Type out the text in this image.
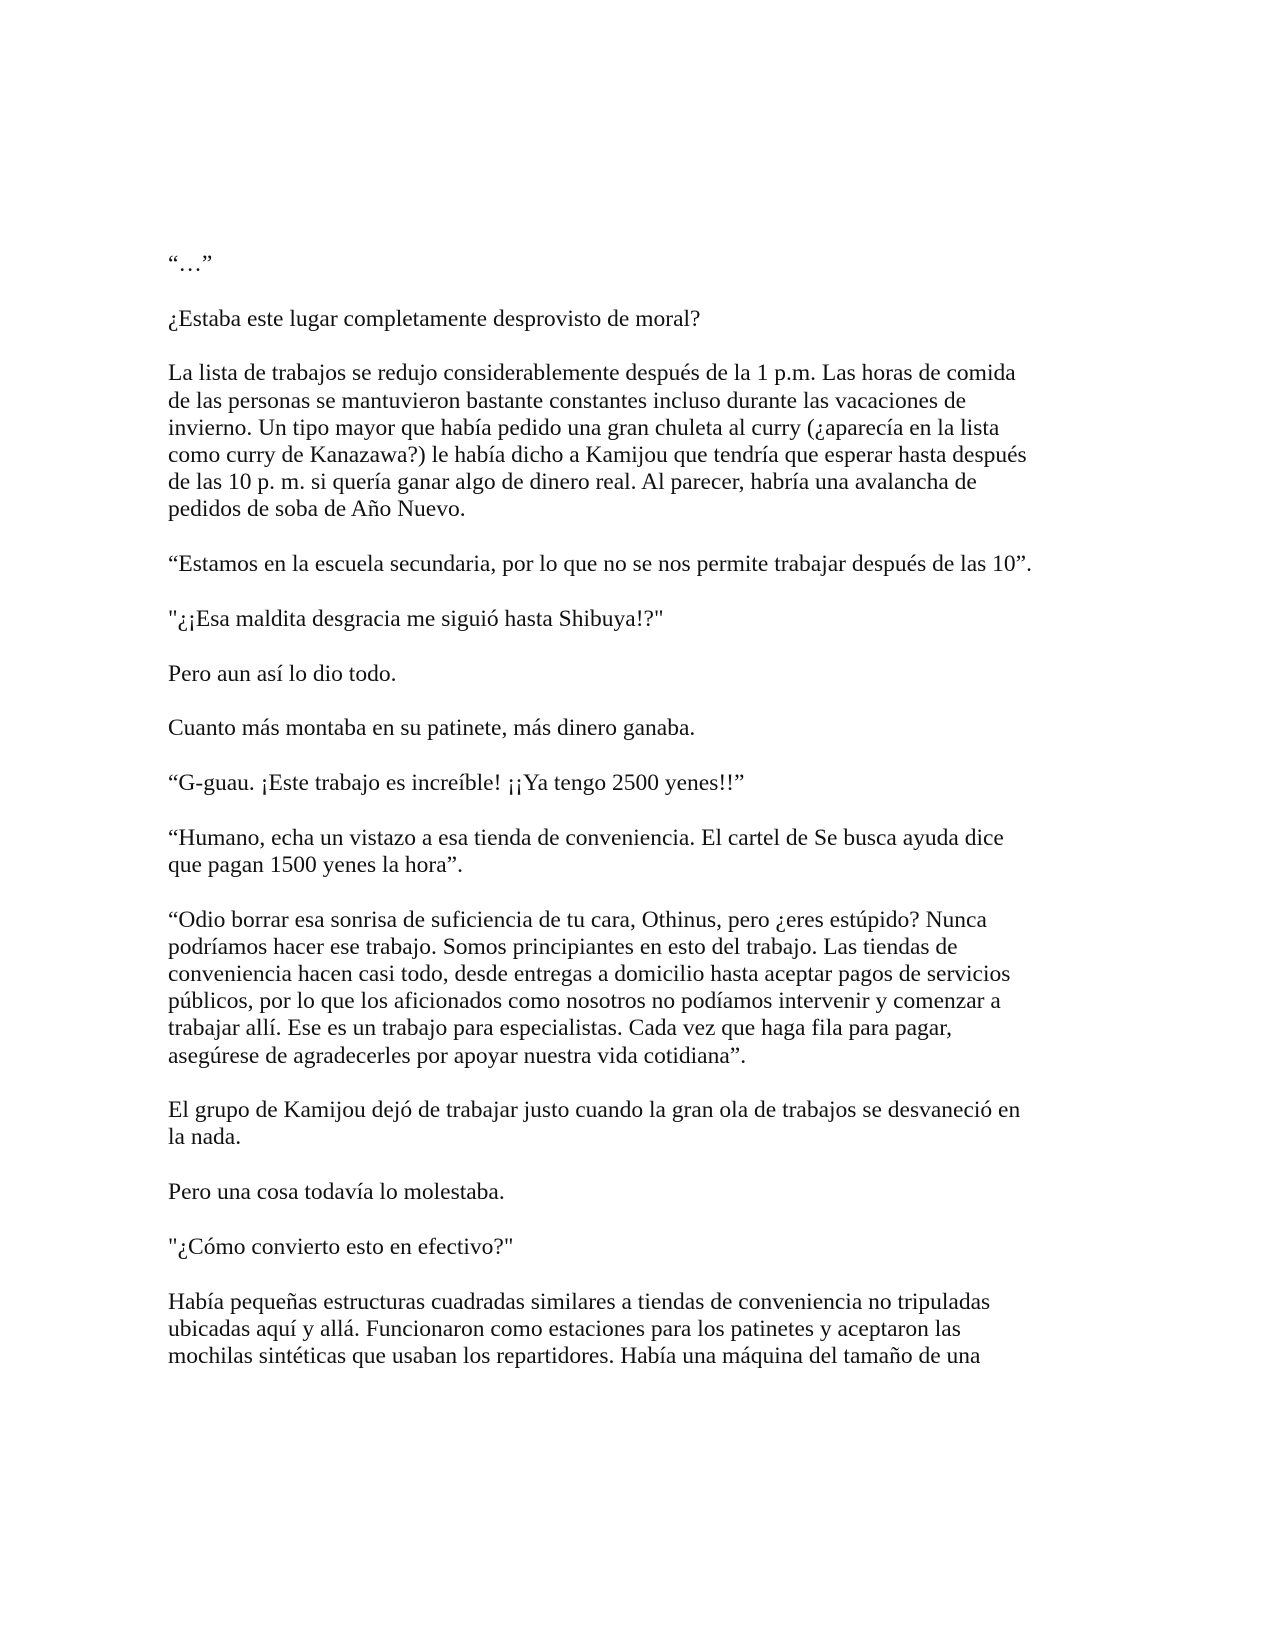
“…”

¿Estaba este lugar completamente desprovisto de moral?

La lista de trabajos se redujo considerablemente después de la 1 p.m. Las horas de comida
de las personas se mantuvieron bastante constantes incluso durante las vacaciones de
invierno. Un tipo mayor que había pedido una gran chuleta al curry (¿aparecía en la lista
como curry de Kanazawa?) le había dicho a Kamijou que tendría que esperar hasta después
de las 10 p. m. si quería ganar algo de dinero real. Al parecer, habría una avalancha de
pedidos de soba de Año Nuevo.

“Estamos en la escuela secundaria, por lo que no se nos permite trabajar después de las 10”.

"¿¡Esa maldita desgracia me siguió hasta Shibuya!?"

Pero aun así lo dio todo.

Cuanto más montaba en su patinete, más dinero ganaba.

“G-guau. ¡Este trabajo es increíble! ¡¡Ya tengo 2500 yenes!!”

“Humano, echa un vistazo a esa tienda de conveniencia. El cartel de Se busca ayuda dice
que pagan 1500 yenes la hora”.

“Odio borrar esa sonrisa de suficiencia de tu cara, Othinus, pero ¿eres estúpido? Nunca
podríamos hacer ese trabajo. Somos principiantes en esto del trabajo. Las tiendas de
conveniencia hacen casi todo, desde entregas a domicilio hasta aceptar pagos de servicios
públicos, por lo que los aficionados como nosotros no podíamos intervenir y comenzar a
trabajar allí. Ese es un trabajo para especialistas. Cada vez que haga fila para pagar,
asegúrese de agradecerles por apoyar nuestra vida cotidiana”.

El grupo de Kamijou dejó de trabajar justo cuando la gran ola de trabajos se desvaneció en
la nada.

Pero una cosa todavía lo molestaba.

"¿Cómo convierto esto en efectivo?"

Había pequeñas estructuras cuadradas similares a tiendas de conveniencia no tripuladas
ubicadas aquí y allá. Funcionaron como estaciones para los patinetes y aceptaron las
mochilas sintéticas que usaban los repartidores. Había una máquina del tamaño de una
